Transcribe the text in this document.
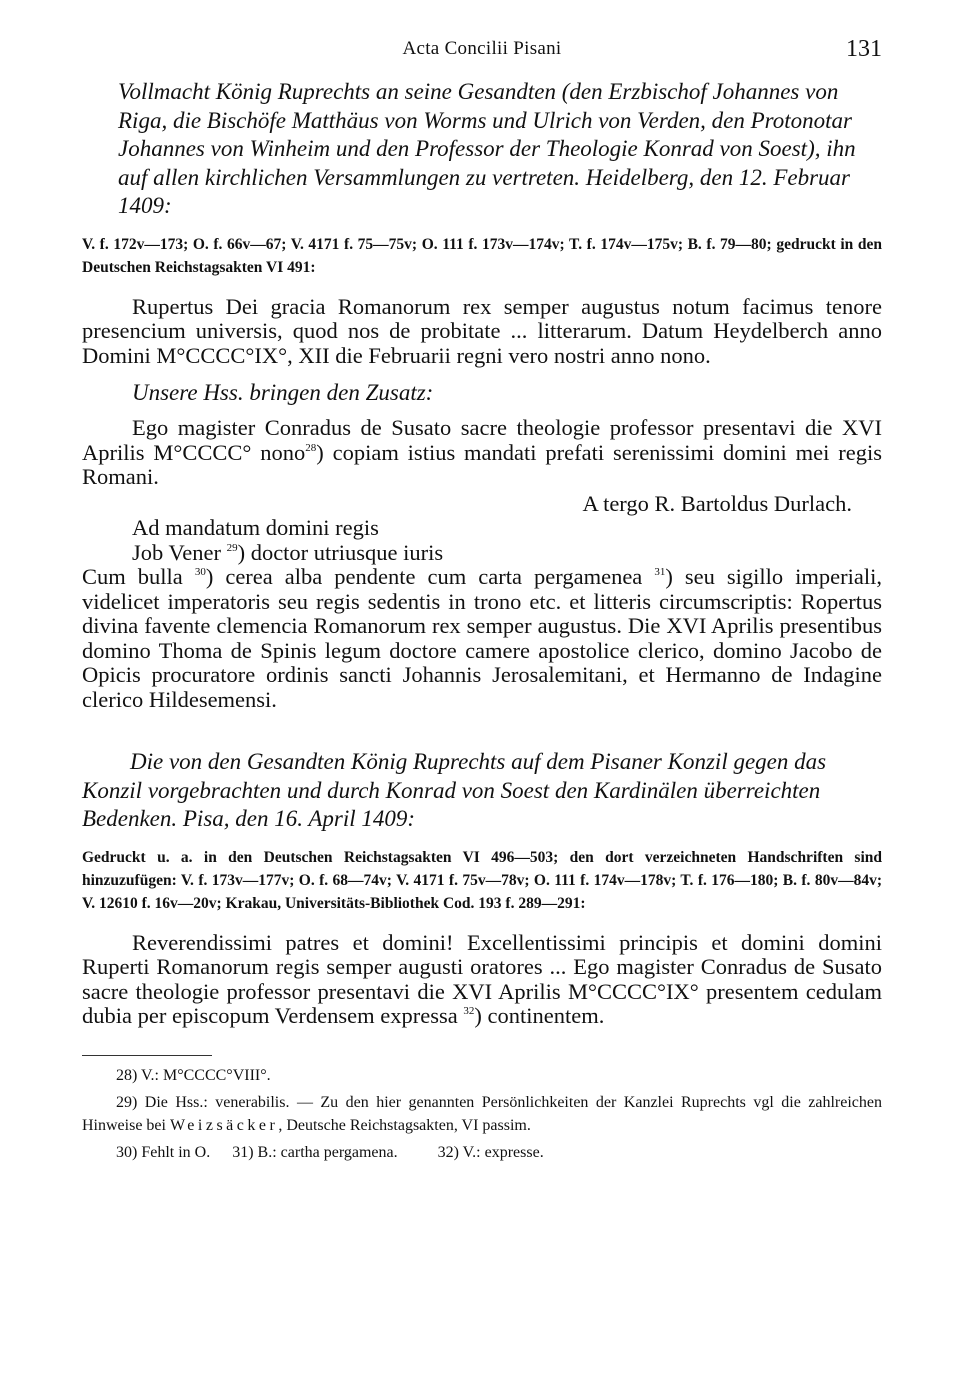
Acta Concilii Pisani	131

Vollmacht König Ruprechts an seine Gesandten (den Erzbischof Johannes von Riga, die Bischöfe Matthäus von Worms und Ulrich von Verden, den Protonotar Johannes von Winheim und den Professor der Theologie Konrad von Soest), ihn auf allen kirchlichen Versammlungen zu vertreten. Heidelberg, den 12. Februar 1409:

V. f. 172v—173; O. f. 66v—67; V. 4171 f. 75—75v; O. 111 f. 173v—174v; T. f. 174v—175v; B. f. 79—80; gedruckt in den Deutschen Reichstagsakten VI 491:

Rupertus Dei gracia Romanorum rex semper augustus notum facimus tenore presencium universis, quod nos de probitate ... litterarum. Datum Heydelberch anno Domini M°CCCC°IX°, XII die Februarii regni vero nostri anno nono.

Unsere Hss. bringen den Zusatz:

Ego magister Conradus de Susato sacre theologie professor presentavi die XVI Aprilis M°CCCC° nono$^{28}$) copiam istius mandati prefati serenissimi domini mei regis Romani.

A tergo R. Bartoldus Durlach.
Ad mandatum domini regis
Job Vener $^{29}$) doctor utriusque iuris

Cum bulla $^{30}$) cerea alba pendente cum carta pergamenea $^{31}$) seu sigillo imperiali, videlicet imperatoris seu regis sedentis in trono etc. et litteris circumscriptis: Ropertus divina favente clemencia Romanorum rex semper augustus. Die XVI Aprilis presentibus domino Thoma de Spinis legum doctore camere apostolice clerico, domino Jacobo de Opicis procuratore ordinis sancti Johannis Jerosalemitani, et Hermanno de Indagine clerico Hildesemensi.

Die von den Gesandten König Ruprechts auf dem Pisaner Konzil gegen das Konzil vorgebrachten und durch Konrad von Soest den Kardinälen überreichten Bedenken. Pisa, den 16. April 1409:

Gedruckt u. a. in den Deutschen Reichstagsakten VI 496—503; den dort verzeichneten Handschriften sind hinzuzufügen: V. f. 173v—177v; O. f. 68—74v; V. 4171 f. 75v—78v; O. 111 f. 174v—178v; T. f. 176—180; B. f. 80v—84v; V. 12610 f. 16v—20v; Krakau, Universitäts-Bibliothek Cod. 193 f. 289—291:

Reverendissimi patres et domini! Excellentissimi principis et domini domini Ruperti Romanorum regis semper augusti oratores ... Ego magister Conradus de Susato sacre theologie professor presentavi die XVI Aprilis M°CCCC°IX° presentem cedulam dubia per episcopum Verdensem expressa $^{32}$) continentem.

28) V.: M°CCCC°VIII°.

29) Die Hss.: venerabilis. — Zu den hier genannten Persönlichkeiten der Kanzlei Ruprechts vgl die zahlreichen Hinweise bei Weizsäcker, Deutsche Reichstagsakten, VI passim.

30) Fehlt in O. 31) B.: cartha pergamena.	32) V.: expresse.
